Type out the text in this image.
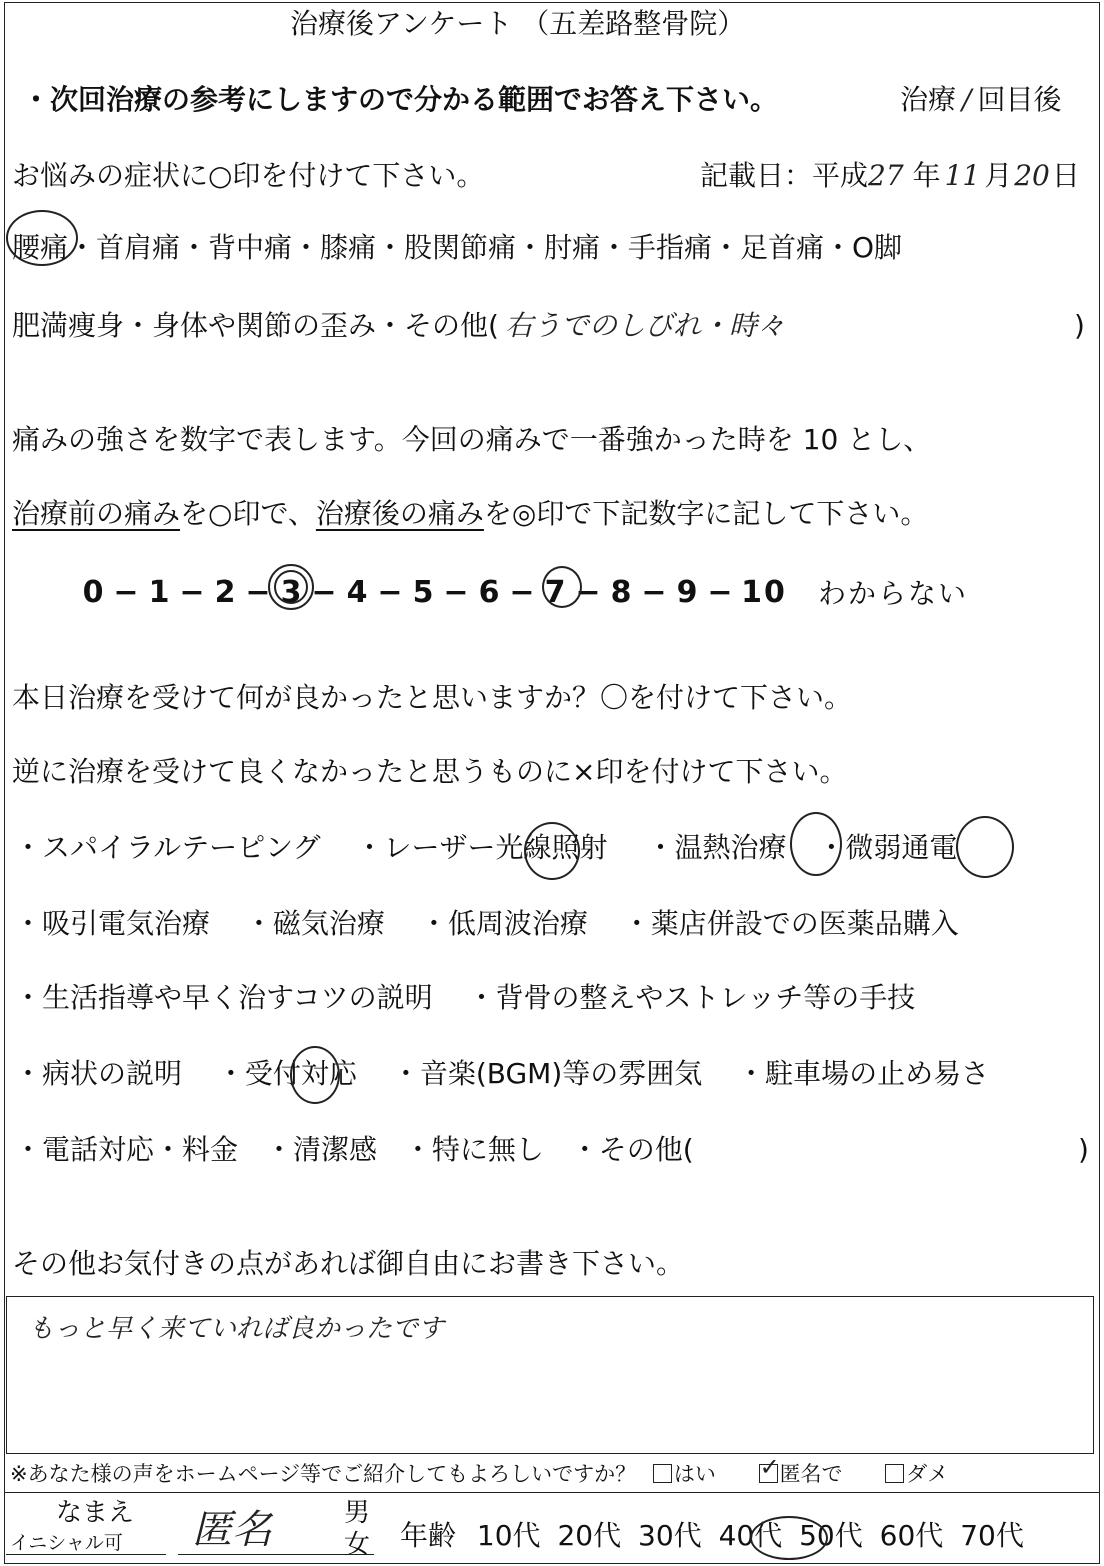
治療後アンケート （五差路整骨院）
・次回治療の参考にしますので分かる範囲でお答え下さい。	治療 / 回目後
お悩みの症状に○印を付けて下さい。	記載日：平成27 年 11 月20日
腰痛・首肩痛・背中痛・膝痛・股関節痛・肘痛・手指痛・足首痛・O脚
肥満痩身・身体や関節の歪み・その他( 右うでのしびれ・時々	)
痛みの強さを数字で表します。今回の痛みで一番強かった時を 10 とし、
治療前の痛みを○印で、治療後の痛みを◎印で下記数字に記して下さい。
0 − 1 − 2 − 3 − 4 − 5 − 6 − 7 − 8 − 9 − 10 わからない
本日治療を受けて何が良かったと思いますか？〇を付けて下さい。
逆に治療を受けて良くなかったと思うものに×印を付けて下さい。
・スパイラルテーピング ・レーザー光線照射 ・温熱治療 ・微弱通電
・吸引電気治療 ・磁気治療 ・低周波治療 ・薬店併設での医薬品購入
・生活指導や早く治すコツの説明 ・背骨の整えやストレッチ等の手技
・病状の説明 ・受付対応 ・音楽(BGM)等の雰囲気 ・駐車場の止め易さ
・電話対応・料金 ・清潔感 ・特に無し ・その他(	)
その他お気付きの点があれば御自由にお書き下さい。
もっと早く来ていれば良かったです
※あなた様の声をホームページ等でご紹介してもよろしいですか？ はい ✓	匿名で	ダメ
なまえ
イニシャル可 匿名	男
女 年齢 10代 20代 30代 40代 50代 60代 70代
